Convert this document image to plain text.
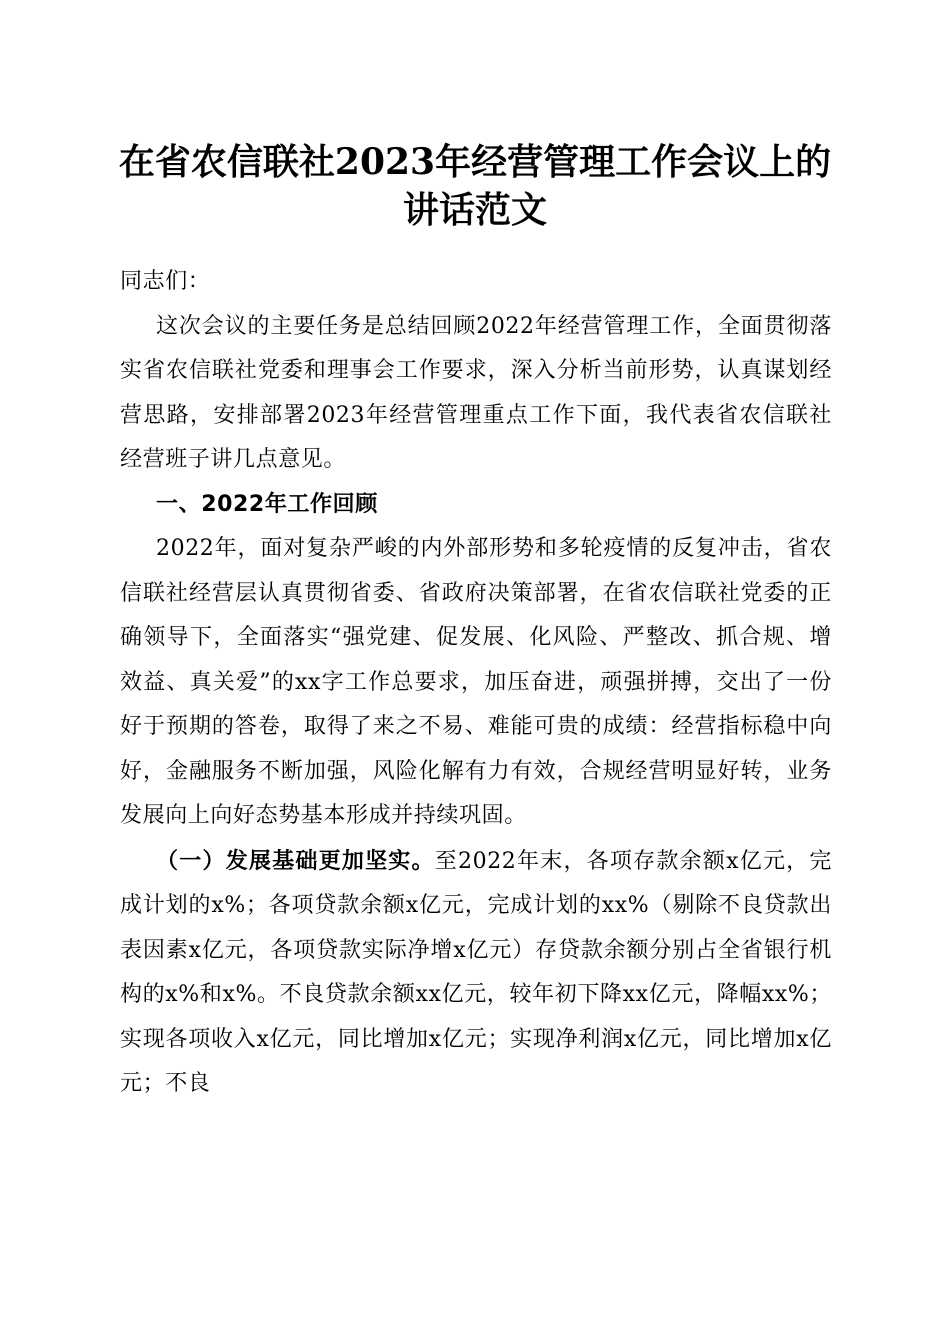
在省农信联社2023年经营管理工作会议上的
讲话范文

同志们：

这次会议的主要任务是总结回顾2022年经营管理工作，全面贯彻落实省农信联社党委和理事会工作要求，深入分析当前形势，认真谋划经营思路，安排部署2023年经营管理重点工作下面，我代表省农信联社经营班子讲几点意见。

一、2022年工作回顾

2022年，面对复杂严峻的内外部形势和多轮疫情的反复冲击，省农信联社经营层认真贯彻省委、省政府决策部署，在省农信联社党委的正确领导下，全面落实“强党建、促发展、化风险、严整改、抓合规、增效益、真关爱”的xx字工作总要求，加压奋进，顽强拼搏，交出了一份好于预期的答卷，取得了来之不易、难能可贵的成绩：经营指标稳中向好，金融服务不断加强，风险化解有力有效，合规经营明显好转，业务发展向上向好态势基本形成并持续巩固。

（一）发展基础更加坚实。至2022年末，各项存款余额x亿元，完成计划的x%；各项贷款余额x亿元，完成计划的xx%（剔除不良贷款出表因素x亿元，各项贷款实际净增x亿元）存贷款余额分别占全省银行机构的x%和x%。不良贷款余额xx亿元，较年初下降xx亿元，降幅xx%；实现各项收入x亿元，同比增加x亿元；实现净利润x亿元，同比增加x亿元；不良
